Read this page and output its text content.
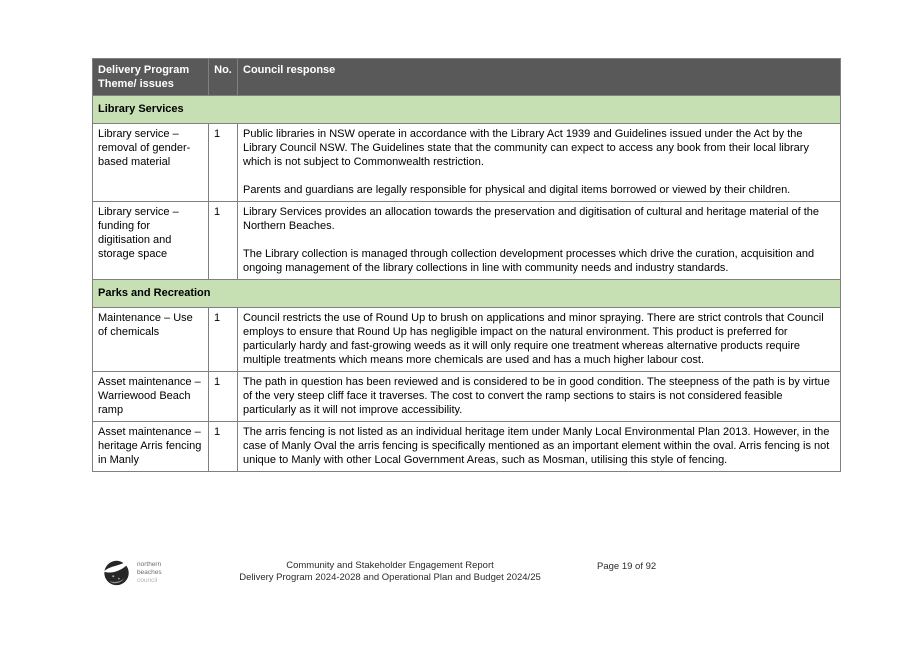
Delivery Program Theme/ issues	No.	Council response
Library Services		
Library service – removal of gender-based material	1	Public libraries in NSW operate in accordance with the Library Act 1939 and Guidelines issued under the Act by the Library Council NSW. The Guidelines state that the community can expect to access any book from their local library which is not subject to Commonwealth restriction.

Parents and guardians are legally responsible for physical and digital items borrowed or viewed by their children.

Library service – funding for digitisation and storage space	1	Library Services provides an allocation towards the preservation and digitisation of cultural and heritage material of the Northern Beaches.

The Library collection is managed through collection development processes which drive the curation, acquisition and ongoing management of the library collections in line with community needs and industry standards.

Parks and Recreation		
Maintenance – Use of chemicals	1	Council restricts the use of Round Up to brush on applications and minor spraying. There are strict controls that Council employs to ensure that Round Up has negligible impact on the natural environment. This product is preferred for particularly hardy and fast-growing weeds as it will only require one treatment whereas alternative products require multiple treatments which means more chemicals are used and has a much higher labour cost.

Asset maintenance – Warriewood Beach ramp	1	The path in question has been reviewed and is considered to be in good condition. The steepness of the path is by virtue of the very steep cliff face it traverses. The cost to convert the ramp sections to stairs is not considered feasible particularly as it will not improve accessibility.

Asset maintenance – heritage Arris fencing in Manly	1	The arris fencing is not listed as an individual heritage item under Manly Local Environmental Plan 2013. However, in the case of Manly Oval the arris fencing is specifically mentioned as an important element within the oval. Arris fencing is not unique to Manly with other Local Government Areas, such as Mosman, utilising this style of fencing.

northern
beaches
council
Community and Stakeholder Engagement Report
Delivery Program 2024-2028 and Operational Plan and Budget 2024/25
Page 19 of 92
